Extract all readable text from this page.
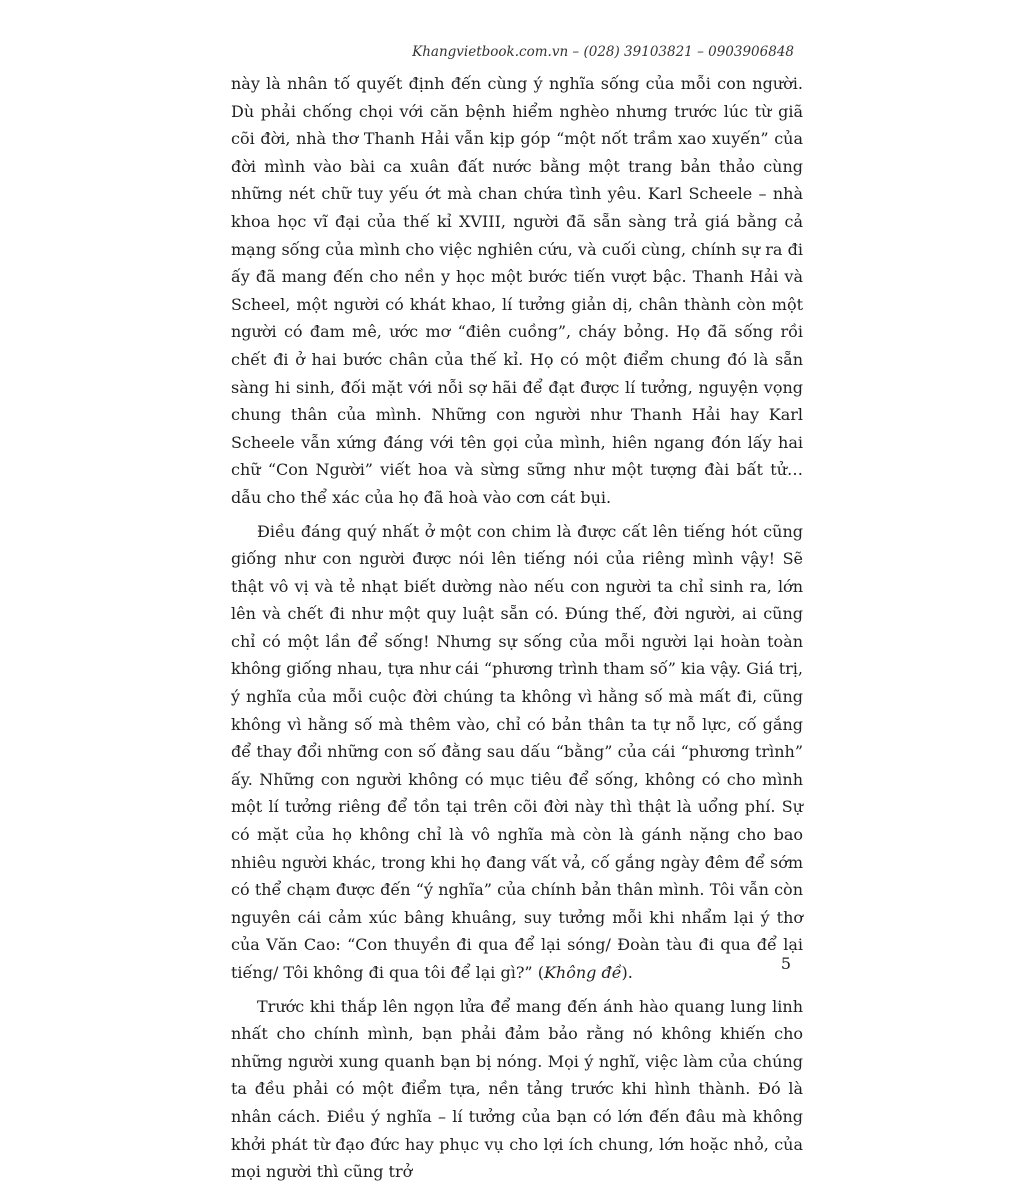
Khangvietbook.com.vn – (028) 39103821 – 0903906848

này là nhân tố quyết định đến cùng ý nghĩa sống của mỗi con người. Dù phải chống chọi với căn bệnh hiểm nghèo nhưng trước lúc từ giã cõi đời, nhà thơ Thanh Hải vẫn kịp góp “một nốt trầm xao xuyến” của đời mình vào bài ca xuân đất nước bằng một trang bản thảo cùng những nét chữ tuy yếu ớt mà chan chứa tình yêu. Karl Scheele – nhà khoa học vĩ đại của thế kỉ XVIII, người đã sẵn sàng trả giá bằng cả mạng sống của mình cho việc nghiên cứu, và cuối cùng, chính sự ra đi ấy đã mang đến cho nền y học một bước tiến vượt bậc. Thanh Hải và Scheel, một người có khát khao, lí tưởng giản dị, chân thành còn một người có đam mê, ước mơ “điên cuồng”, cháy bỏng. Họ đã sống rồi chết đi ở hai bước chân của thế kỉ. Họ có một điểm chung đó là sẵn sàng hi sinh, đối mặt với nỗi sợ hãi để đạt được lí tưởng, nguyện vọng chung thân của mình. Những con người như Thanh Hải hay Karl Scheele vẫn xứng đáng với tên gọi của mình, hiên ngang đón lấy hai chữ “Con Người” viết hoa và sừng sững như một tượng đài bất tử… dẫu cho thể xác của họ đã hoà vào cơn cát bụi.

Điều đáng quý nhất ở một con chim là được cất lên tiếng hót cũng giống như con người được nói lên tiếng nói của riêng mình vậy! Sẽ thật vô vị và tẻ nhạt biết dường nào nếu con người ta chỉ sinh ra, lớn lên và chết đi như một quy luật sẵn có. Đúng thế, đời người, ai cũng chỉ có một lần để sống! Nhưng sự sống của mỗi người lại hoàn toàn không giống nhau, tựa như cái “phương trình tham số” kia vậy. Giá trị, ý nghĩa của mỗi cuộc đời chúng ta không vì hằng số mà mất đi, cũng không vì hằng số mà thêm vào, chỉ có bản thân ta tự nỗ lực, cố gắng để thay đổi những con số đằng sau dấu “bằng” của cái “phương trình” ấy. Những con người không có mục tiêu để sống, không có cho mình một lí tưởng riêng để tồn tại trên cõi đời này thì thật là uổng phí. Sự có mặt của họ không chỉ là vô nghĩa mà còn là gánh nặng cho bao nhiêu người khác, trong khi họ đang vất vả, cố gắng ngày đêm để sớm có thể chạm được đến “ý nghĩa” của chính bản thân mình. Tôi vẫn còn nguyên cái cảm xúc bâng khuâng, suy tưởng mỗi khi nhẩm lại ý thơ của Văn Cao: “Con thuyền đi qua để lại sóng/ Đoàn tàu đi qua để lại tiếng/ Tôi không đi qua tôi để lại gì?” (Không đề).

Trước khi thắp lên ngọn lửa để mang đến ánh hào quang lung linh nhất cho chính mình, bạn phải đảm bảo rằng nó không khiến cho những người xung quanh bạn bị nóng. Mọi ý nghĩ, việc làm của chúng ta đều phải có một điểm tựa, nền tảng trước khi hình thành. Đó là nhân cách. Điều ý nghĩa – lí tưởng của bạn có lớn đến đâu mà không khởi phát từ đạo đức hay phục vụ cho lợi ích chung, lớn hoặc nhỏ, của mọi người thì cũng trở

5
